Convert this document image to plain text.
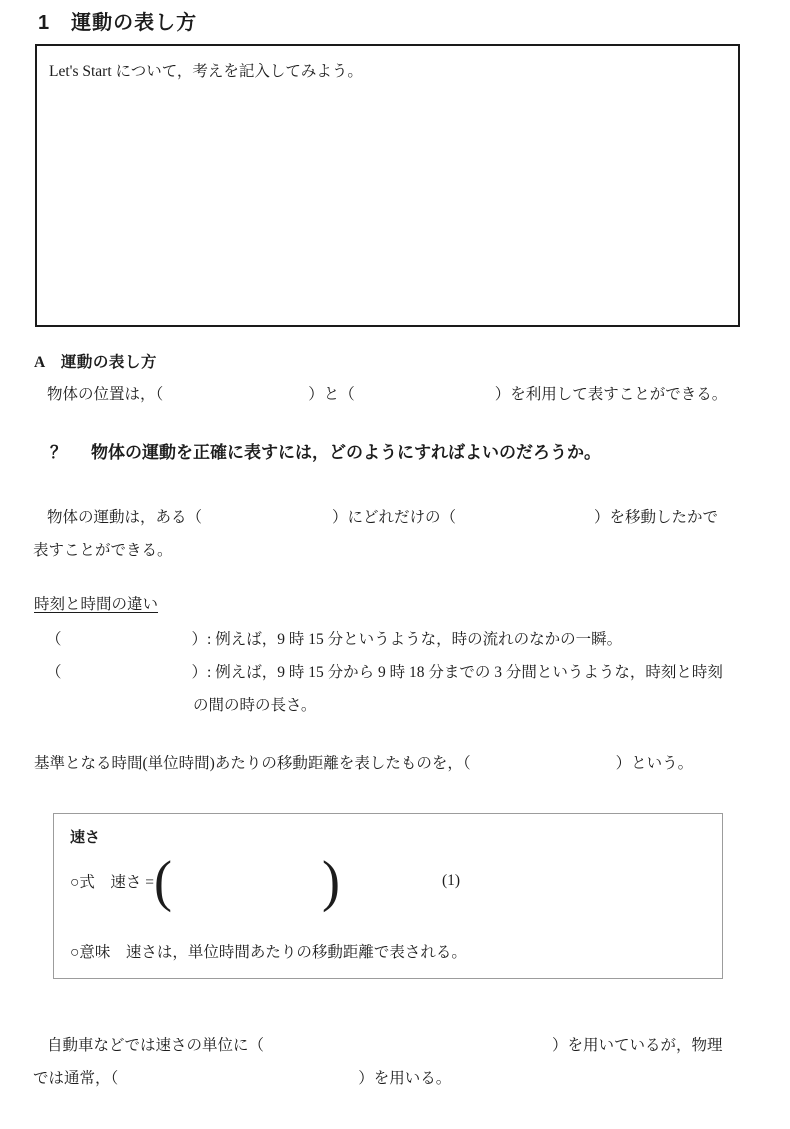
1　運動の表し方
Let's Start について，考えを記入してみよう。
A　運動の表し方

物体の位置は，（	）と（	）を利用して表すことができる。

？ 物体の運動を正確に表すには，どのようにすればよいのだろうか。

物体の運動は，ある（	）にどれだけの（	）を移動したかで

表すことができる。

時刻と時間の違い

（	）: 例えば，9 時 15 分というような，時の流れのなかの一瞬。

（	）: 例えば，9 時 15 分から 9 時 18 分までの 3 分間というような，時刻と時刻

の間の時の長さ。

基準となる時間(単位時間)あたりの移動距離を表したものを，（	）という。

速さ
○式　速さ = (	)	(1)
○意味　速さは，単位時間あたりの移動距離で表される。

自動車などでは速さの単位に（	）を用いているが，物理

では通常，（	）を用いる。
